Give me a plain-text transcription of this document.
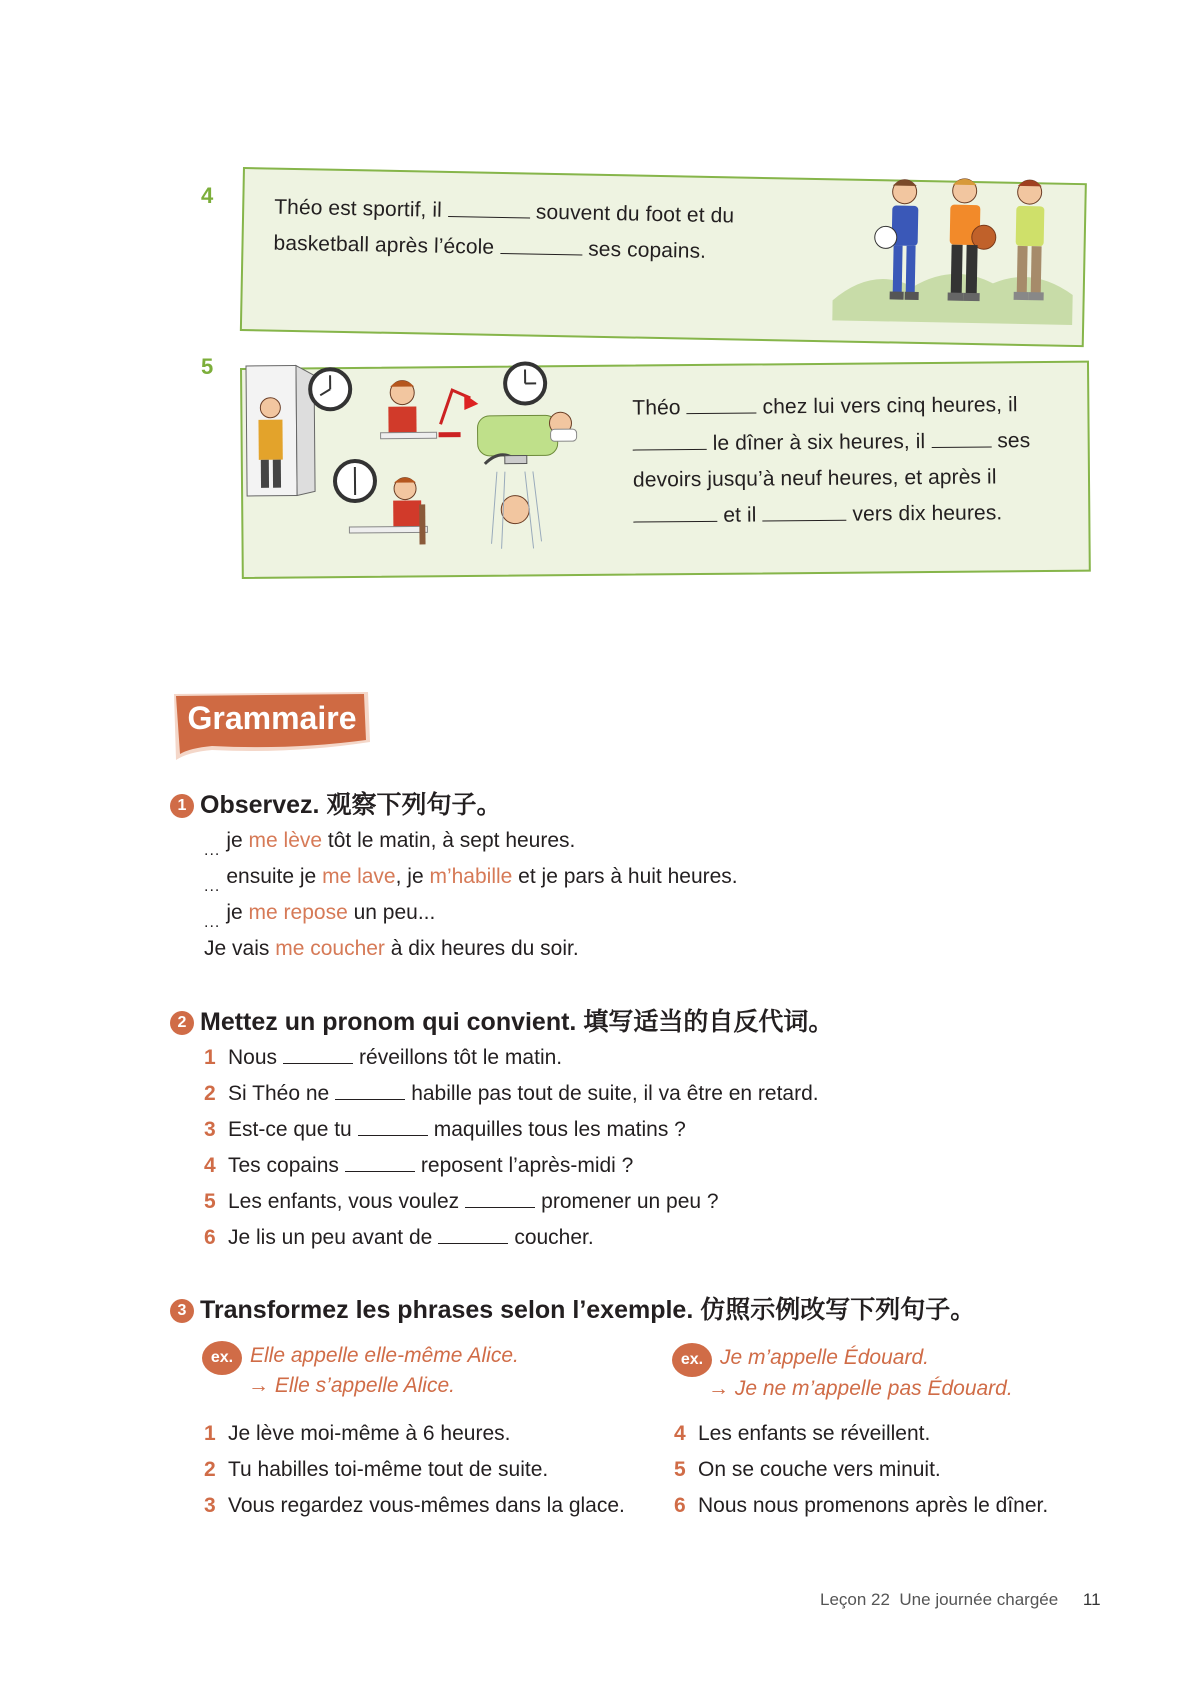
4
Théo est sportif, il	souvent du foot et du
basketball après l’école	ses copains.
5
Théo	chez lui vers cinq heures, il
le dîner à six heures, il	ses
devoirs jusqu’à neuf heures, et après il
et il	vers dix heures.
Grammaire
1 Observez. 观察下列句子。
$_{...}$ je me lève tôt le matin, à sept heures.
$_{...}$ ensuite je me lave, je m’habille et je pars à huit heures.
$_{...}$ je me repose un peu...
Je vais me coucher à dix heures du soir.
2 Mettez un pronom qui convient. 填写适当的自反代词。
1 Nous	réveillons tôt le matin.
2 Si Théo ne	habille pas tout de suite, il va être en retard.
3 Est-ce que tu	maquilles tous les matins ?
4 Tes copains	reposent l’après-midi ?
5 Les enfants, vous voulez	promener un peu ?
6 Je lis un peu avant de	coucher.
3 Transformez les phrases selon l’exemple. 仿照示例改写下列句子。
ex. Elle appelle elle-même Alice.
→ Elle s’appelle Alice.
ex. Je m’appelle Édouard.
→ Je ne m’appelle pas Édouard.
1 Je lève moi-même à 6 heures.
2 Tu habilles toi-même tout de suite.
3 Vous regardez vous-mêmes dans la glace.
4 Les enfants se réveillent.
5 On se couche vers minuit.
6 Nous nous promenons après le dîner.
Leçon 22 Une journée chargée 11
